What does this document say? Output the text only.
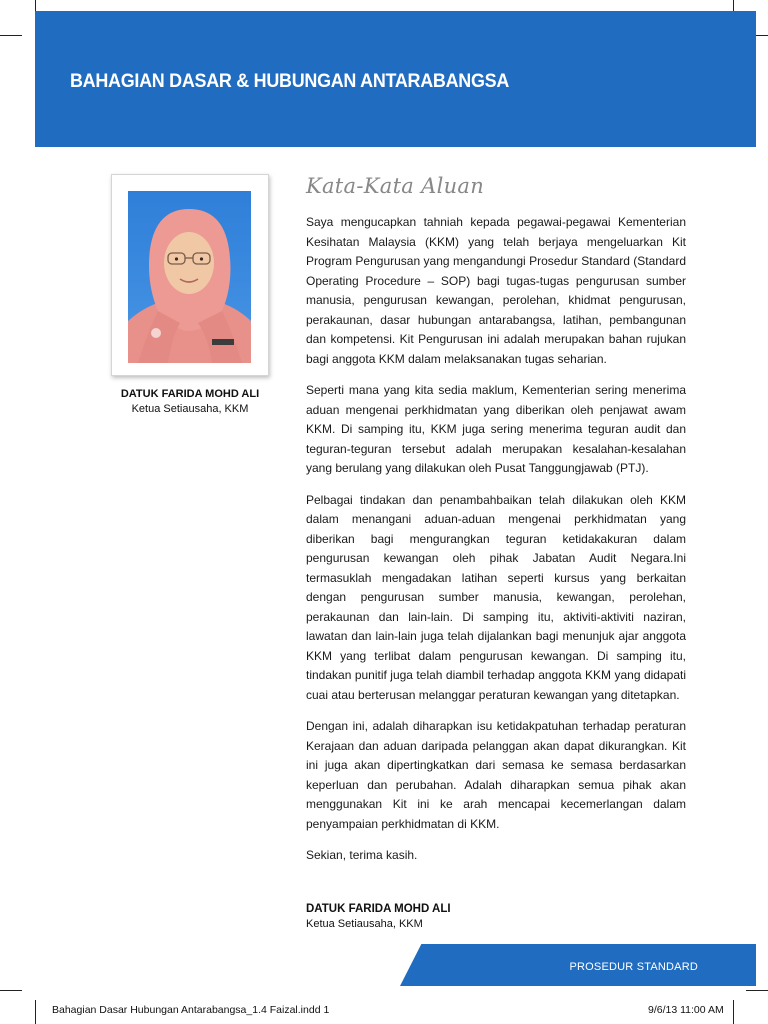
BAHAGIAN DASAR & HUBUNGAN ANTARABANGSA
DATUK FARIDA MOHD ALI
Ketua Setiausaha, KKM
Kata-Kata Aluan

Saya mengucapkan tahniah kepada pegawai-pegawai Kementerian Kesihatan Malaysia (KKM) yang telah berjaya mengeluarkan Kit Program Pengurusan yang mengandungi Prosedur Standard (Standard Operating Procedure – SOP) bagi tugas-tugas pengurusan sumber manusia, pengurusan kewangan, perolehan, khidmat pengurusan, perakaunan, dasar hubungan antarabangsa, latihan, pembangunan dan kompetensi. Kit Pengurusan ini adalah merupakan bahan rujukan bagi anggota KKM dalam melaksanakan tugas seharian.

Seperti mana yang kita sedia maklum, Kementerian sering menerima aduan mengenai perkhidmatan yang diberikan oleh penjawat awam KKM. Di samping itu, KKM juga sering menerima teguran audit dan teguran-teguran tersebut adalah merupakan kesalahan-kesalahan yang berulang yang dilakukan oleh Pusat Tanggungjawab (PTJ).

Pelbagai tindakan dan penambahbaikan telah dilakukan oleh KKM dalam menangani aduan-aduan mengenai perkhidmatan yang diberikan bagi mengurangkan teguran ketidakakuran dalam pengurusan kewangan oleh pihak Jabatan Audit Negara.Ini termasuklah mengadakan latihan seperti kursus yang berkaitan dengan pengurusan sumber manusia, kewangan, perolehan, perakaunan dan lain-lain. Di samping itu, aktiviti-aktiviti naziran, lawatan dan lain-lain juga telah dijalankan bagi menunjuk ajar anggota KKM yang terlibat dalam pengurusan kewangan. Di samping itu, tindakan punitif juga telah diambil terhadap anggota KKM yang didapati cuai atau berterusan melanggar peraturan kewangan yang ditetapkan.

Dengan ini, adalah diharapkan isu ketidakpatuhan terhadap peraturan Kerajaan dan aduan daripada pelanggan akan dapat dikurangkan. Kit ini juga akan dipertingkatkan dari semasa ke semasa berdasarkan keperluan dan perubahan. Adalah diharapkan semua pihak akan menggunakan Kit ini ke arah mencapai kecemerlangan dalam penyampaian perkhidmatan di KKM.

Sekian, terima kasih.

DATUK FARIDA MOHD ALI
Ketua Setiausaha, KKM
PROSEDUR STANDARD
Bahagian Dasar Hubungan Antarabangsa_1.4 Faizal.indd 1	9/6/13 11:00 AM
